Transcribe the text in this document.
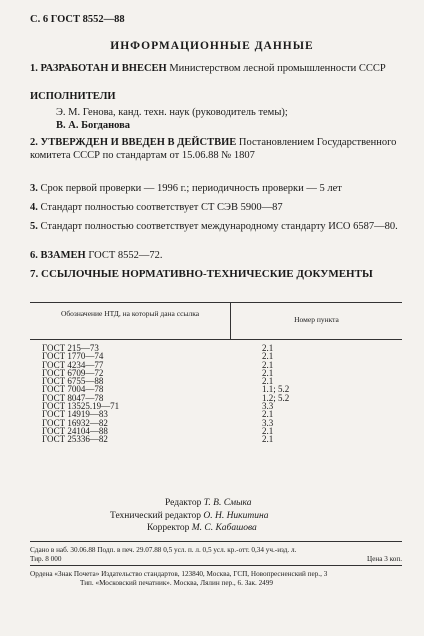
С. 6 ГОСТ 8552—88
ИНФОРМАЦИОННЫЕ ДАННЫЕ
1. РАЗРАБОТАН И ВНЕСЕН Министерством лесной промышленности СССР
ИСПОЛНИТЕЛИ
Э. М. Генова, канд. техн. наук (руководитель темы);
В. А. Богданова
2. УТВЕРЖДЕН И ВВЕДЕН В ДЕЙСТВИЕ Постановлением Государственного комитета СССР по стандартам от 15.06.88 № 1807
3. Срок первой проверки — 1996 г.; периодичность проверки — 5 лет
4. Стандарт полностью соответствует СТ СЭВ 5900—87
5. Стандарт полностью соответствует международному стандарту ИСО 6587—80.
6. ВЗАМЕН ГОСТ 8552—72.
7. ССЫЛОЧНЫЕ НОРМАТИВНО-ТЕХНИЧЕСКИЕ ДОКУМЕНТЫ
Обозначение НТД, на который дана ссылка
Номер пункта
ГОСТ 215—73	2.1
ГОСТ 1770—74	2.1
ГОСТ 4234—77	2.1
ГОСТ 6709—72	2.1
ГОСТ 6755—88	2.1
ГОСТ 7004—78	1.1; 5.2
ГОСТ 8047—78	1.2; 5.2
ГОСТ 13525.19—71	3.3
ГОСТ 14919—83	2.1
ГОСТ 16932—82	3.3
ГОСТ 24104—88	2.1
ГОСТ 25336—82	2.1
Редактор Т. В. Смыка
Технический редактор О. Н. Никитина
Корректор М. С. Кабашова
Сдано в наб. 30.06.88 Подп. в печ. 29.07.88 0,5 усл. п. л. 0,5 усл. кр.-отт. 0,34 уч.-изд. л.
Тир. 8 000	Цена 3 коп.
Ордена «Знак Почета» Издательство стандартов, 123840, Москва, ГСП, Новопресненский пер., 3
Тип. «Московский печатник». Москва, Лялин пер., 6. Зак. 2499
